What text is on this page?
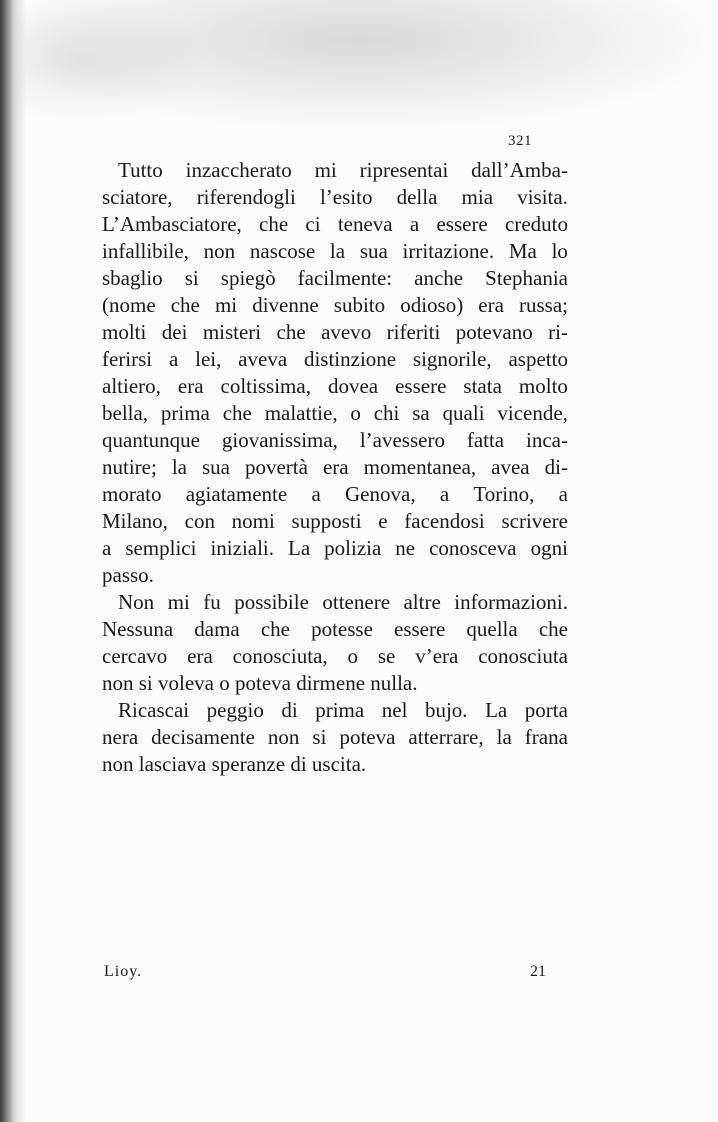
321
Tutto inzaccherato mi ripresentai dall’Amba-
sciatore, riferendogli l’esito della mia visita.
L’Ambasciatore, che ci teneva a essere creduto
infallibile, non nascose la sua irritazione. Ma lo
sbaglio si spiegò facilmente: anche Stephania
(nome che mi divenne subito odioso) era russa;
molti dei misteri che avevo riferiti potevano ri-
ferirsi a lei, aveva distinzione signorile, aspetto
altiero, era coltissima, dovea essere stata molto
bella, prima che malattie, o chi sa quali vicende,
quantunque giovanissima, l’avessero fatta inca-
nutire; la sua povertà era momentanea, avea di-
morato agiatamente a Genova, a Torino, a
Milano, con nomi supposti e facendosi scrivere
a semplici iniziali. La polizia ne conosceva ogni
passo.
Non mi fu possibile ottenere altre informazioni.
Nessuna dama che potesse essere quella che
cercavo era conosciuta, o se v’era conosciuta
non si voleva o poteva dirmene nulla.
Ricascai peggio di prima nel bujo. La porta
nera decisamente non si poteva atterrare, la frana
non lasciava speranze di uscita.
Lioy.	21
